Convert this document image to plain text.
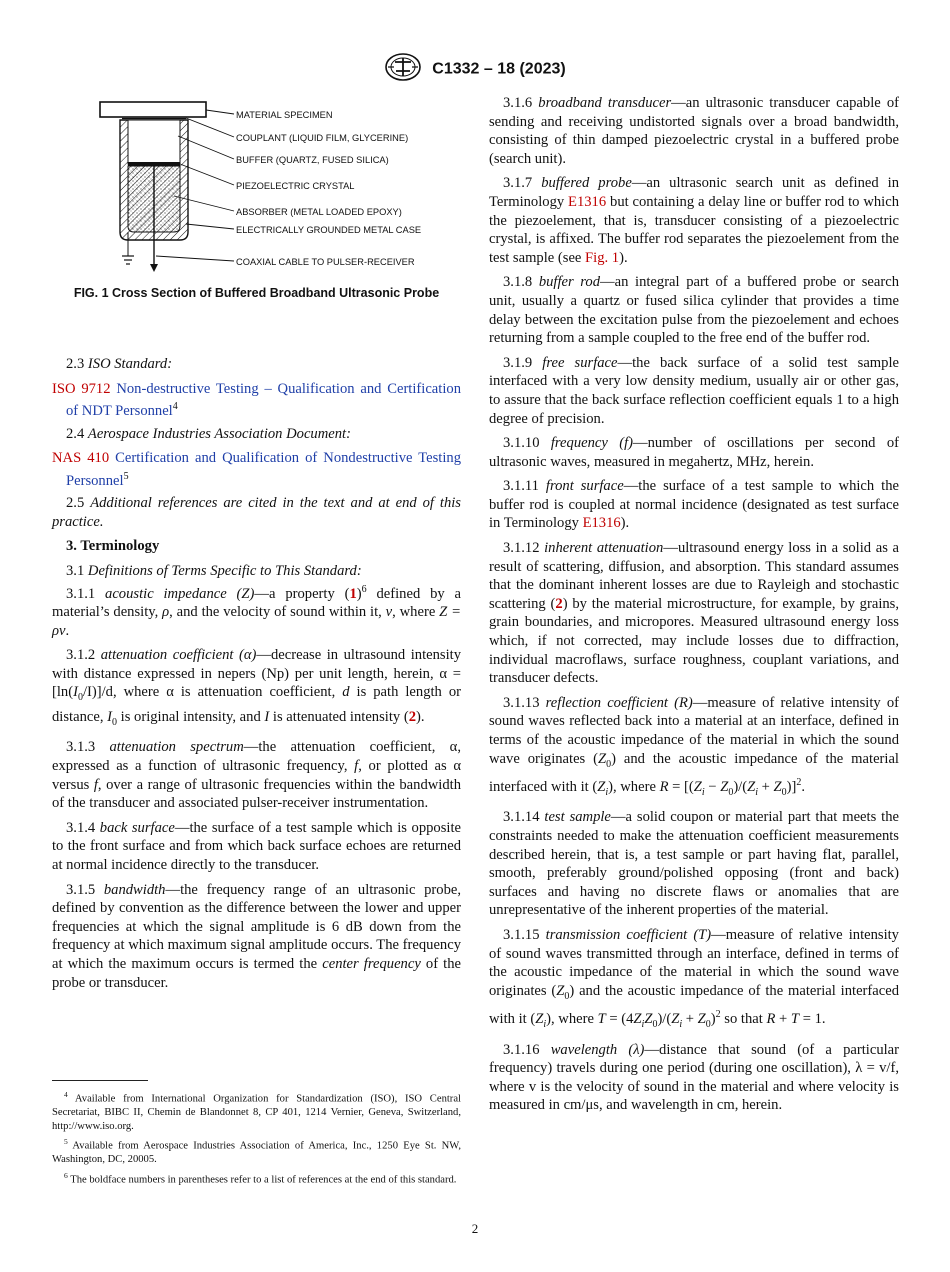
C1332 – 18 (2023)
MATERIAL SPECIMEN
COUPLANT (LIQUID FILM, GLYCERINE)
BUFFER (QUARTZ, FUSED SILICA)
PIEZOELECTRIC CRYSTAL
ABSORBER (METAL LOADED EPOXY)
ELECTRICALLY GROUNDED METAL CASE
COAXIAL CABLE TO PULSER-RECEIVER
FIG. 1 Cross Section of Buffered Broadband Ultrasonic Probe

2.3 ISO Standard:

ISO 9712 Non-destructive Testing – Qualification and Certification of NDT Personnel$^4$

2.4 Aerospace Industries Association Document:

NAS 410 Certification and Qualification of Nondestructive Testing Personnel$^5$

2.5 Additional references are cited in the text and at end of this practice.

3. Terminology

3.1 Definitions of Terms Specific to This Standard:

3.1.1 acoustic impedance (Z)—a property $(1)^6$ defined by a material’s density, ρ, and the velocity of sound within it, v, where Z = ρv.

3.1.2 attenuation coefficient (α)—decrease in ultrasound intensity with distance expressed in nepers (Np) per unit length, herein, $\alpha = [\ln(I_0/I)]/d$, where α is attenuation coefficient, d is path length or distance, $I_0$ is original intensity, and I is attenuated intensity (2).

3.1.3 attenuation spectrum—the attenuation coefficient, α, expressed as a function of ultrasonic frequency, f, or plotted as α versus f, over a range of ultrasonic frequencies within the bandwidth of the transducer and associated pulser-receiver instrumentation.

3.1.4 back surface—the surface of a test sample which is opposite to the front surface and from which back surface echoes are returned at normal incidence directly to the transducer.

3.1.5 bandwidth—the frequency range of an ultrasonic probe, defined by convention as the difference between the lower and upper frequencies at which the signal amplitude is 6 dB down from the frequency at which maximum signal amplitude occurs. The frequency at which the maximum occurs is termed the center frequency of the probe or transducer.

$^4$ Available from International Organization for Standardization (ISO), ISO Central Secretariat, BIBC II, Chemin de Blandonnet 8, CP 401, 1214 Vernier, Geneva, Switzerland, http://www.iso.org.

$^5$ Available from Aerospace Industries Association of America, Inc., 1250 Eye St. NW, Washington, DC, 20005.

$^6$ The boldface numbers in parentheses refer to a list of references at the end of this standard.

3.1.6 broadband transducer—an ultrasonic transducer capable of sending and receiving undistorted signals over a broad bandwidth, consisting of thin damped piezoelectric crystal in a buffered probe (search unit).

3.1.7 buffered probe—an ultrasonic search unit as defined in Terminology E1316 but containing a delay line or buffer rod to which the piezoelement, that is, transducer consisting of a piezoelectric crystal, is affixed. The buffer rod separates the piezoelement from the test sample (see Fig. 1).

3.1.8 buffer rod—an integral part of a buffered probe or search unit, usually a quartz or fused silica cylinder that provides a time delay between the excitation pulse from the piezoelement and echoes returning from a sample coupled to the free end of the buffer rod.

3.1.9 free surface—the back surface of a solid test sample interfaced with a very low density medium, usually air or other gas, to assure that the back surface reflection coefficient equals 1 to a high degree of precision.

3.1.10 frequency (f)—number of oscillations per second of ultrasonic waves, measured in megahertz, MHz, herein.

3.1.11 front surface—the surface of a test sample to which the buffer rod is coupled at normal incidence (designated as test surface in Terminology E1316).

3.1.12 inherent attenuation—ultrasound energy loss in a solid as a result of scattering, diffusion, and absorption. This standard assumes that the dominant inherent losses are due to Rayleigh and stochastic scattering (2) by the material microstructure, for example, by grains, grain boundaries, and micropores. Measured ultrasound energy loss which, if not corrected, may include losses due to diffraction, individual macroflaws, surface roughness, couplant variations, and transducer defects.

3.1.13 reflection coefficient (R)—measure of relative intensity of sound waves reflected back into a material at an interface, defined in terms of the acoustic impedance of the material in which the sound wave originates $(Z_0)$ and the acoustic impedance of the material interfaced with it $(Z_i)$, where $R = [(Z_i - Z_0)/(Z_i + Z_0)]^2$.

3.1.14 test sample—a solid coupon or material part that meets the constraints needed to make the attenuation coefficient measurements described herein, that is, a test sample or part having flat, parallel, smooth, preferably ground/polished opposing (front and back) surfaces and having no discrete flaws or anomalies that are unrepresentative of the inherent properties of the material.

3.1.15 transmission coefficient (T)—measure of relative intensity of sound waves transmitted through an interface, defined in terms of the acoustic impedance of the material in which the sound wave originates $(Z_0)$ and the acoustic impedance of the material interfaced with it $(Z_i)$, where $T = (4Z_iZ_0)/(Z_i + Z_0)^2$ so that R + T = 1.

3.1.16 wavelength (λ)—distance that sound (of a particular frequency) travels during one period (during one oscillation), λ = v/f, where v is the velocity of sound in the material and where velocity is measured in cm/μs, and wavelength in cm, herein.

2
